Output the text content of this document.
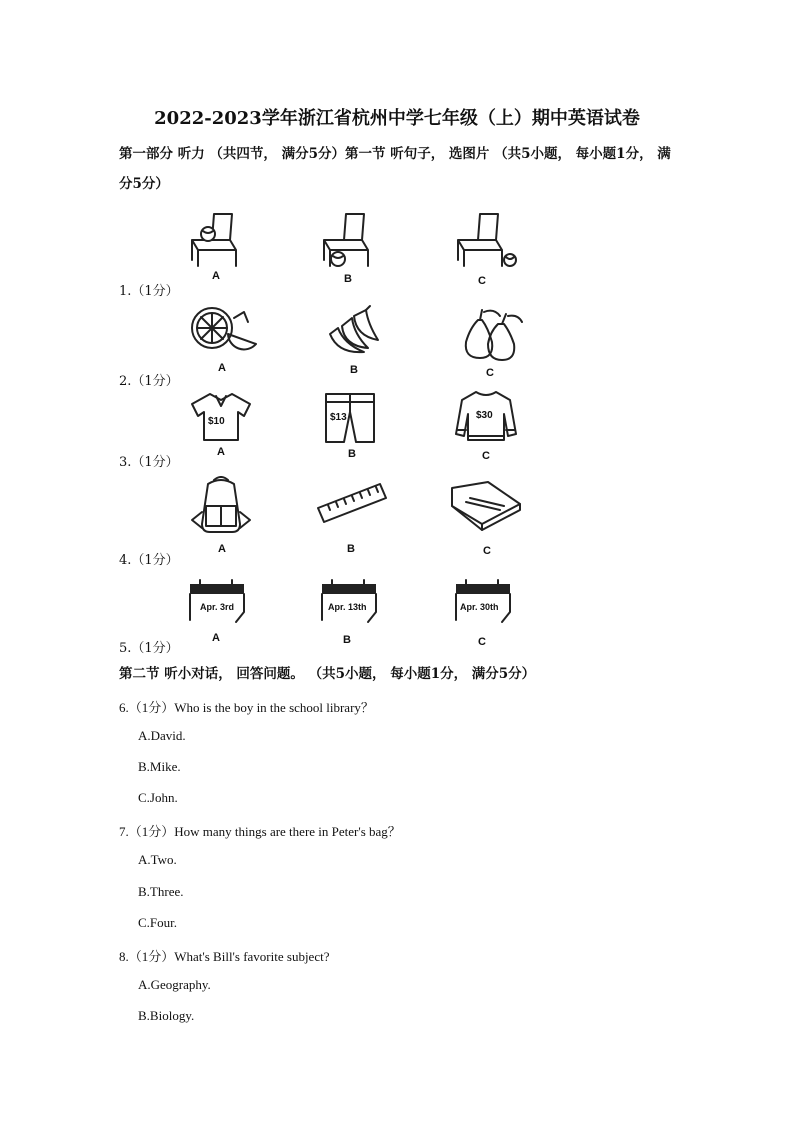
2022-2023学年浙江省杭州中学七年级（上）期中英语试卷
第一部分 听力 （共四节， 满分5分）第一节 听句子， 选图片 （共5小题， 每小题1分， 满分5分）
1.（1分）
A	B	C
2.（1分）
A	B	C
3.（1分）
$10
A
$13
B
$30
C
4.（1分）
A	B	C
5.（1分）
Apr. 3rd
A
Apr. 13th
B
Apr. 30th
C
第二节 听小对话， 回答问题。 （共5小题， 每小题1分， 满分5分）
6.（1分）Who is the boy in the school library？
A.David.
B.Mike.
C.John.
7.（1分）How many things are there in Peter's bag？
A.Two.
B.Three.
C.Four.
8.（1分）What's Bill's favorite subject?
A.Geography.
B.Biology.
